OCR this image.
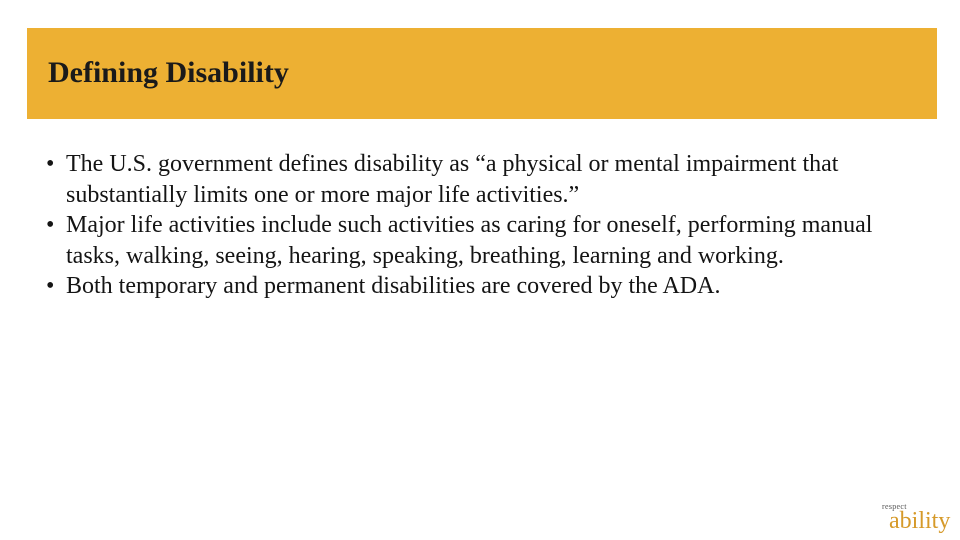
Defining Disability
• The U.S. government defines disability as “a physical or mental impairment that substantially limits one or more major life activities.”
• Major life activities include such activities as caring for oneself, performing manual tasks, walking, seeing, hearing, speaking, breathing, learning and working.
• Both temporary and permanent disabilities are covered by the ADA.
respect
ability
